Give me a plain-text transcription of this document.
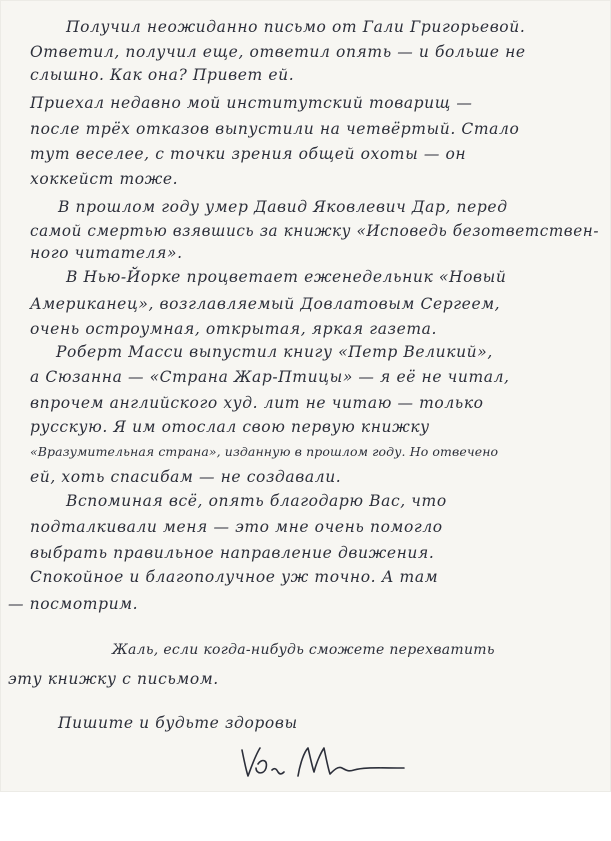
Получил неожиданно письмо от Гали Григорьевой.
Ответил, получил еще, ответил опять — и больше не
слышно. Как она? Привет ей.
Приехал недавно мой институтский товарищ —
после трёх отказов выпустили на четвёртый. Стало
тут веселее, с точки зрения общей охоты — он
хоккейст тоже.
В прошлом году умер Давид Яковлевич Дар, перед
самой смертью взявшись за книжку «Исповедь безответствен-
ного читателя».
В Нью-Йорке процветает еженедельник «Новый
Американец», возглавляемый Довлатовым Сергеем,
очень остроумная, открытая, яркая газета.
Роберт Масси выпустил книгу «Петр Великий»,
а Сюзанна — «Страна Жар-Птицы» — я её не читал,
впрочем английского худ. лит не читаю — только
русскую. Я им отослал свою первую книжку
«Вразумительная страна», изданную в прошлом году. Но отвечено
ей, хоть спасибам — не создавали.
Вспоминая всё, опять благодарю Вас, что
подталкивали меня — это мне очень помогло
выбрать правильное направление движения.
Спокойное и благополучное уж точно. А там
— посмотрим.
Жаль, если когда-нибудь сможете перехватить
эту книжку с письмом.
Пишите и будьте здоровы
